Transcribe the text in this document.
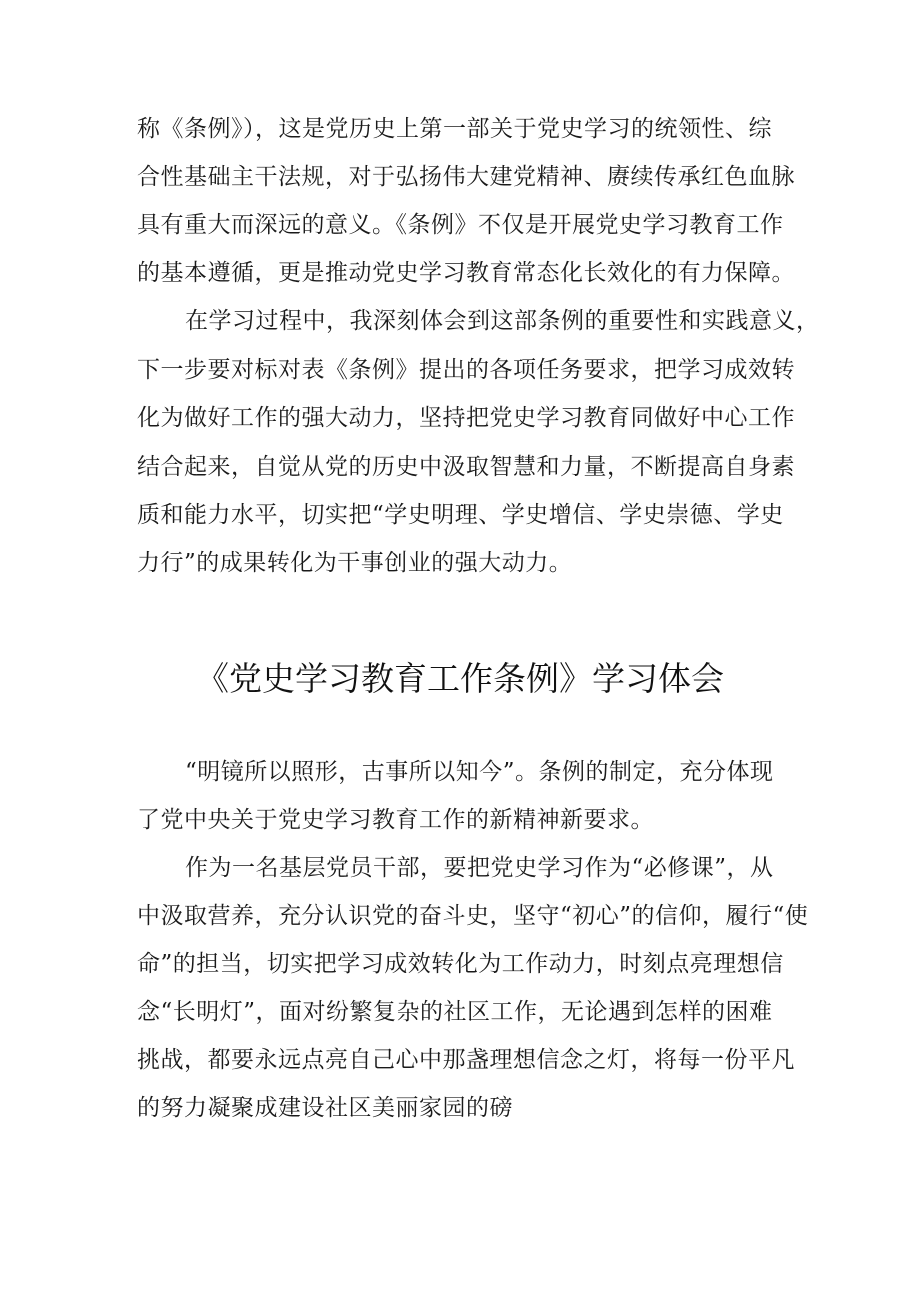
称《条例》），这是党历史上第一部关于党史学习的统领性、综
合性基础主干法规，对于弘扬伟大建党精神、赓续传承红色血脉
具有重大而深远的意义。《条例》不仅是开展党史学习教育工作
的基本遵循，更是推动党史学习教育常态化长效化的有力保障。
在学习过程中，我深刻体会到这部条例的重要性和实践意义，
下一步要对标对表《条例》提出的各项任务要求，把学习成效转
化为做好工作的强大动力，坚持把党史学习教育同做好中心工作
结合起来，自觉从党的历史中汲取智慧和力量，不断提高自身素
质和能力水平，切实把“学史明理、学史增信、学史崇德、学史
力行”的成果转化为干事创业的强大动力。
《党史学习教育工作条例》学习体会
“明镜所以照形，古事所以知今”。条例的制定，充分体现
了党中央关于党史学习教育工作的新精神新要求。
作为一名基层党员干部，要把党史学习作为“必修课”，从
中汲取营养，充分认识党的奋斗史，坚守“初心”的信仰，履行“使
命”的担当，切实把学习成效转化为工作动力，时刻点亮理想信
念“长明灯”，面对纷繁复杂的社区工作，无论遇到怎样的困难
挑战，都要永远点亮自己心中那盏理想信念之灯，将每一份平凡
的努力凝聚成建设社区美丽家园的磅
